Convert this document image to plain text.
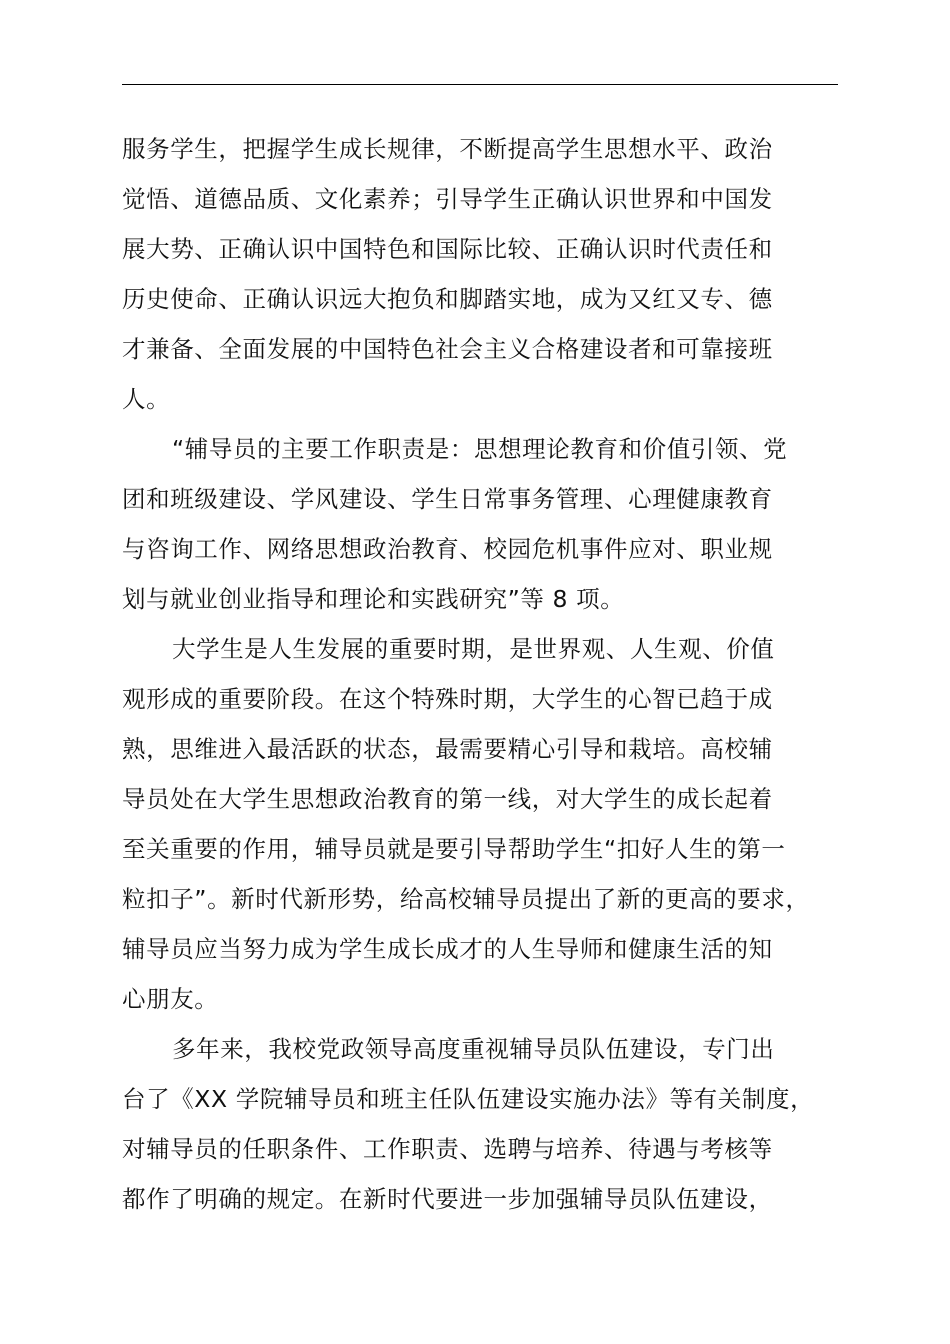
服务学生，把握学生成长规律，不断提高学生思想水平、政治
觉悟、道德品质、文化素养；引导学生正确认识世界和中国发
展大势、正确认识中国特色和国际比较、正确认识时代责任和
历史使命、正确认识远大抱负和脚踏实地，成为又红又专、德
才兼备、全面发展的中国特色社会主义合格建设者和可靠接班
人。
“辅导员的主要工作职责是：思想理论教育和价值引领、党
团和班级建设、学风建设、学生日常事务管理、心理健康教育
与咨询工作、网络思想政治教育、校园危机事件应对、职业规
划与就业创业指导和理论和实践研究”等 8 项。
大学生是人生发展的重要时期，是世界观、人生观、价值
观形成的重要阶段。在这个特殊时期，大学生的心智已趋于成
熟，思维进入最活跃的状态，最需要精心引导和栽培。高校辅
导员处在大学生思想政治教育的第一线，对大学生的成长起着
至关重要的作用，辅导员就是要引导帮助学生“扣好人生的第一
粒扣子”。新时代新形势，给高校辅导员提出了新的更高的要求，
辅导员应当努力成为学生成长成才的人生导师和健康生活的知
心朋友。
多年来，我校党政领导高度重视辅导员队伍建设，专门出
台了《XX 学院辅导员和班主任队伍建设实施办法》等有关制度，
对辅导员的任职条件、工作职责、选聘与培养、待遇与考核等
都作了明确的规定。在新时代要进一步加强辅导员队伍建设，
